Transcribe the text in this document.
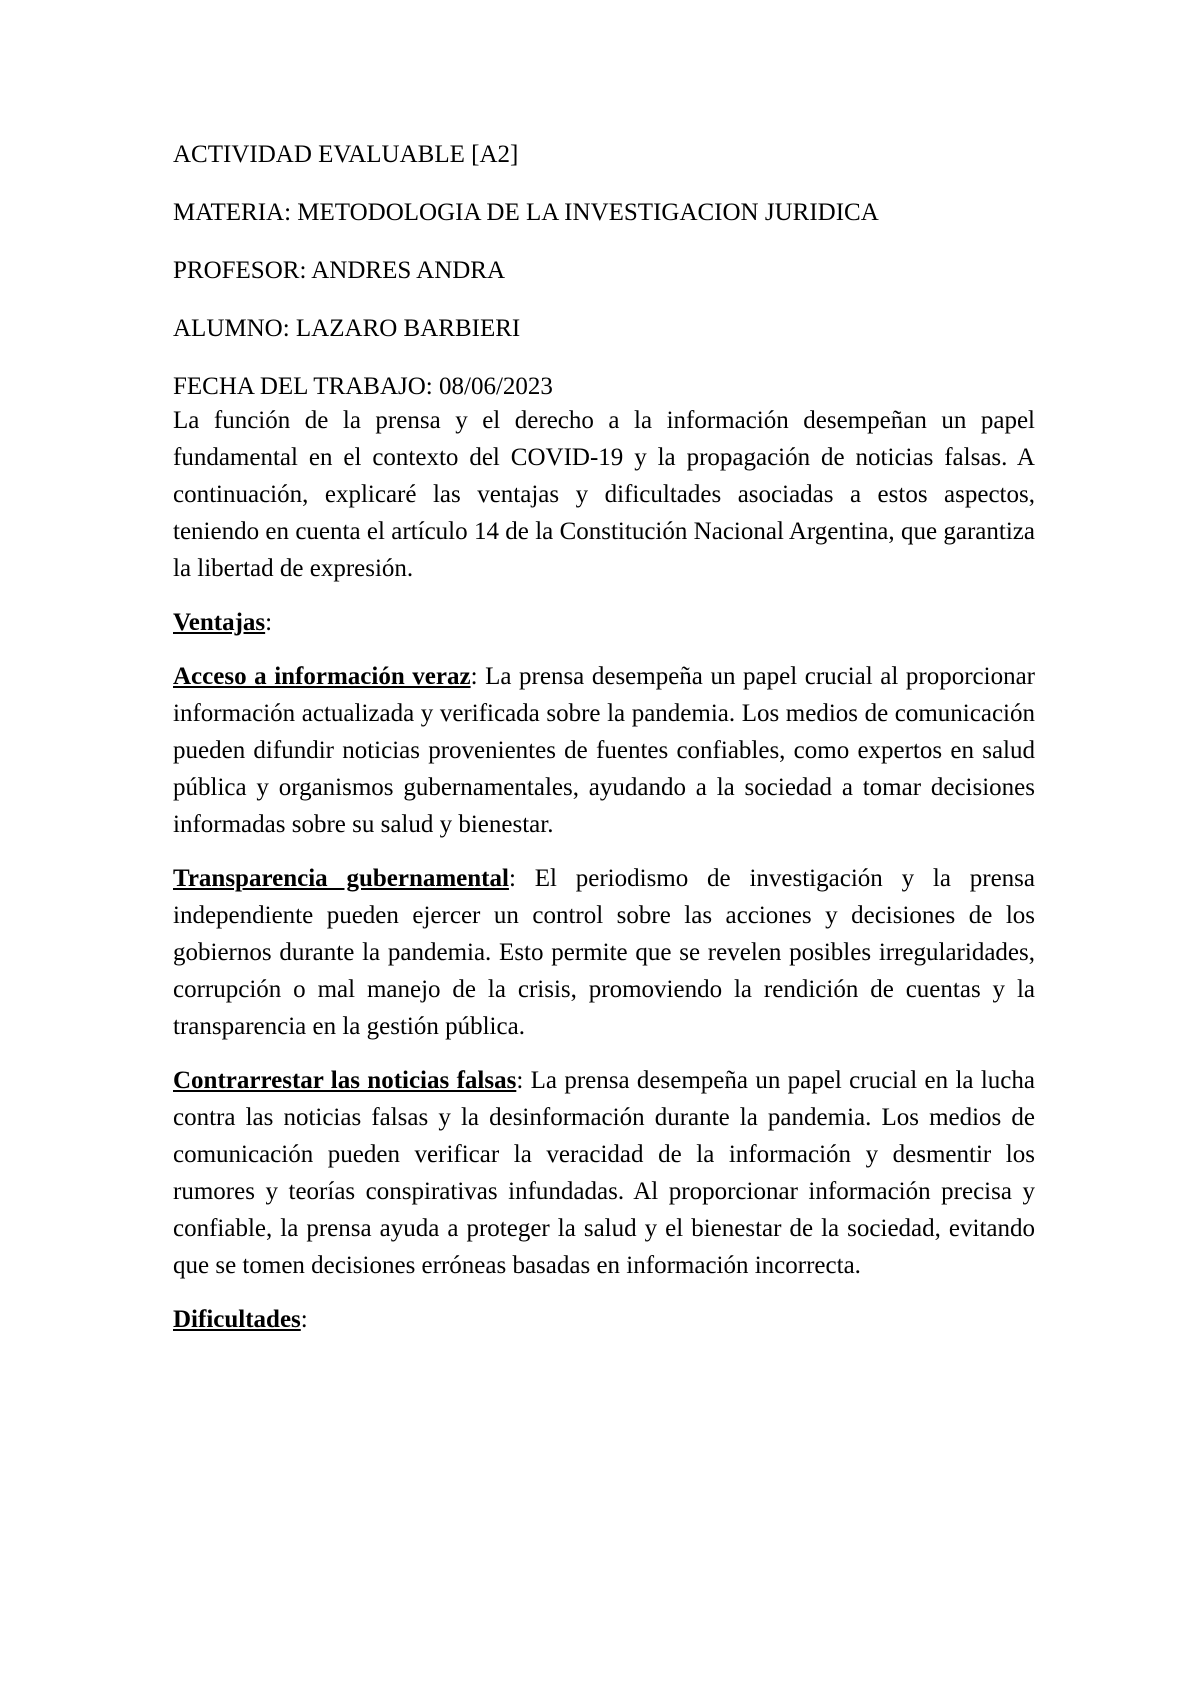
ACTIVIDAD EVALUABLE [A2]
MATERIA: METODOLOGIA DE LA INVESTIGACION JURIDICA
PROFESOR: ANDRES ANDRA
ALUMNO: LAZARO BARBIERI
FECHA DEL TRABAJO: 08/06/2023

La función de la prensa y el derecho a la información desempeñan un papel fundamental en el contexto del COVID-19 y la propagación de noticias falsas. A continuación, explicaré las ventajas y dificultades asociadas a estos aspectos, teniendo en cuenta el artículo 14 de la Constitución Nacional Argentina, que garantiza la libertad de expresión.

Ventajas:

Acceso a información veraz: La prensa desempeña un papel crucial al proporcionar información actualizada y verificada sobre la pandemia. Los medios de comunicación pueden difundir noticias provenientes de fuentes confiables, como expertos en salud pública y organismos gubernamentales, ayudando a la sociedad a tomar decisiones informadas sobre su salud y bienestar.

Transparencia gubernamental: El periodismo de investigación y la prensa independiente pueden ejercer un control sobre las acciones y decisiones de los gobiernos durante la pandemia. Esto permite que se revelen posibles irregularidades, corrupción o mal manejo de la crisis, promoviendo la rendición de cuentas y la transparencia en la gestión pública.

Contrarrestar las noticias falsas: La prensa desempeña un papel crucial en la lucha contra las noticias falsas y la desinformación durante la pandemia. Los medios de comunicación pueden verificar la veracidad de la información y desmentir los rumores y teorías conspirativas infundadas. Al proporcionar información precisa y confiable, la prensa ayuda a proteger la salud y el bienestar de la sociedad, evitando que se tomen decisiones erróneas basadas en información incorrecta.

Dificultades:
